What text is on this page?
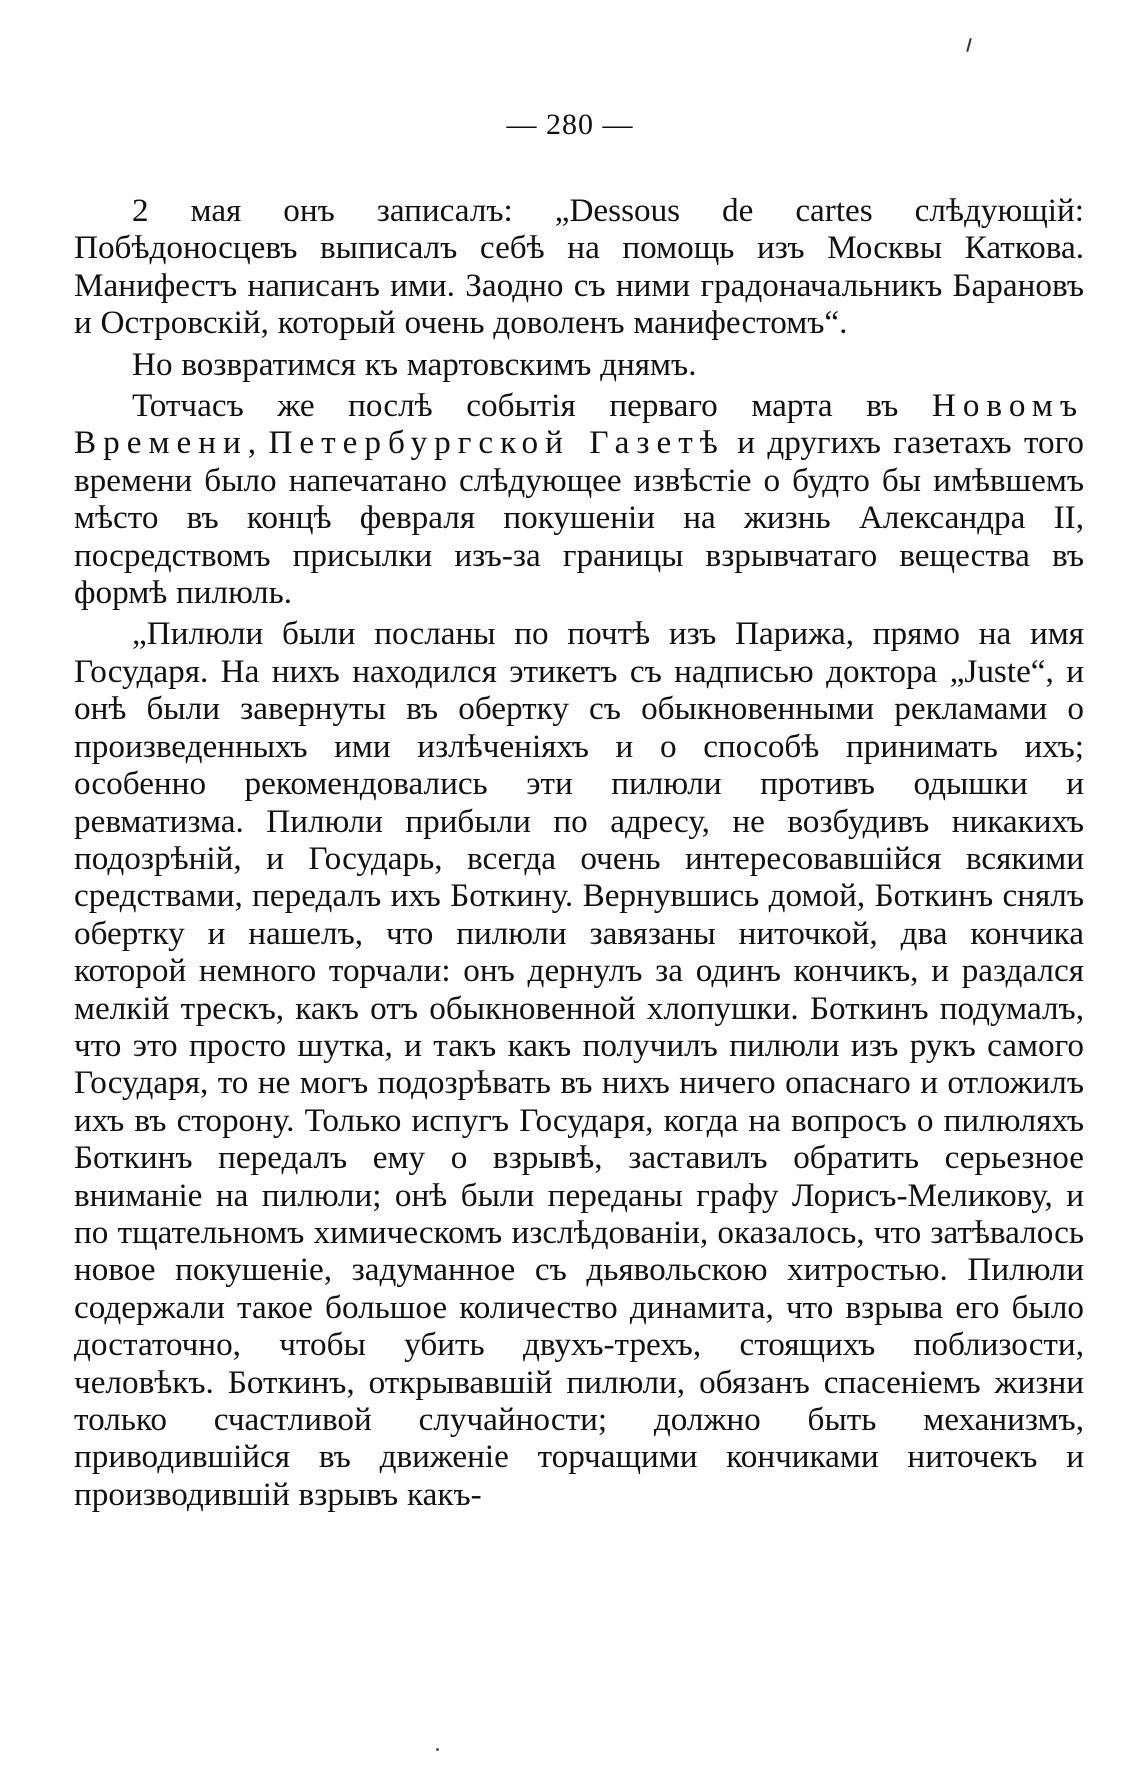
— 280 —

2 мая онъ записалъ: „Dessous de cartes слѣдующій: Побѣдоносцевъ выписалъ себѣ на помощь изъ Москвы Каткова. Манифестъ написанъ ими. Заодно съ ними градоначальникъ Барановъ и Островскій, который очень доволенъ манифестомъ“.

Но возвратимся къ мартовскимъ днямъ.

Тотчасъ же послѣ событія перваго марта въ Новомъ Времени, Петербургской Газетѣ и другихъ газетахъ того времени было напечатано слѣдующее извѣстіе о будто бы имѣвшемъ мѣсто въ концѣ февраля покушеніи на жизнь Александра II, посредствомъ присылки изъ-за границы взрывчатаго вещества въ формѣ пилюль.

„Пилюли были посланы по почтѣ изъ Парижа, прямо на имя Государя. На нихъ находился этикетъ съ надписью доктора „Juste“, и онѣ были завернуты въ обертку съ обыкновенными рекламами о произведенныхъ ими излѣченіяхъ и о способѣ принимать ихъ; особенно рекомендовались эти пилюли противъ одышки и ревматизма. Пилюли прибыли по адресу, не возбудивъ никакихъ подозрѣній, и Государь, всегда очень интересовавшійся всякими средствами, передалъ ихъ Боткину. Вернувшись домой, Боткинъ снялъ обертку и нашелъ, что пилюли завязаны ниточкой, два кончика которой немного торчали: онъ дернулъ за одинъ кончикъ, и раздался мелкій трескъ, какъ отъ обыкновенной хлопушки. Боткинъ подумалъ, что это просто шутка, и такъ какъ получилъ пилюли изъ рукъ самого Государя, то не могъ подозрѣвать въ нихъ ничего опаснаго и отложилъ ихъ въ сторону. Только испугъ Государя, когда на вопросъ о пилюляхъ Боткинъ передалъ ему о взрывѣ, заставилъ обратить серьезное вниманіе на пилюли; онѣ были переданы графу Лорисъ-Меликову, и по тщательномъ химическомъ изслѣдованіи, оказалось, что затѣвалось новое покушеніе, задуманное съ дьявольскою хитростью. Пилюли содержали такое большое количество динамита, что взрыва его было достаточно, чтобы убить двухъ-трехъ, стоящихъ поблизости, человѣкъ. Боткинъ, открывавшій пилюли, обязанъ спасеніемъ жизни только счастливой случайности; должно быть механизмъ, приводившійся въ движеніе торчащими кончиками ниточекъ и производившій взрывъ какъ-
